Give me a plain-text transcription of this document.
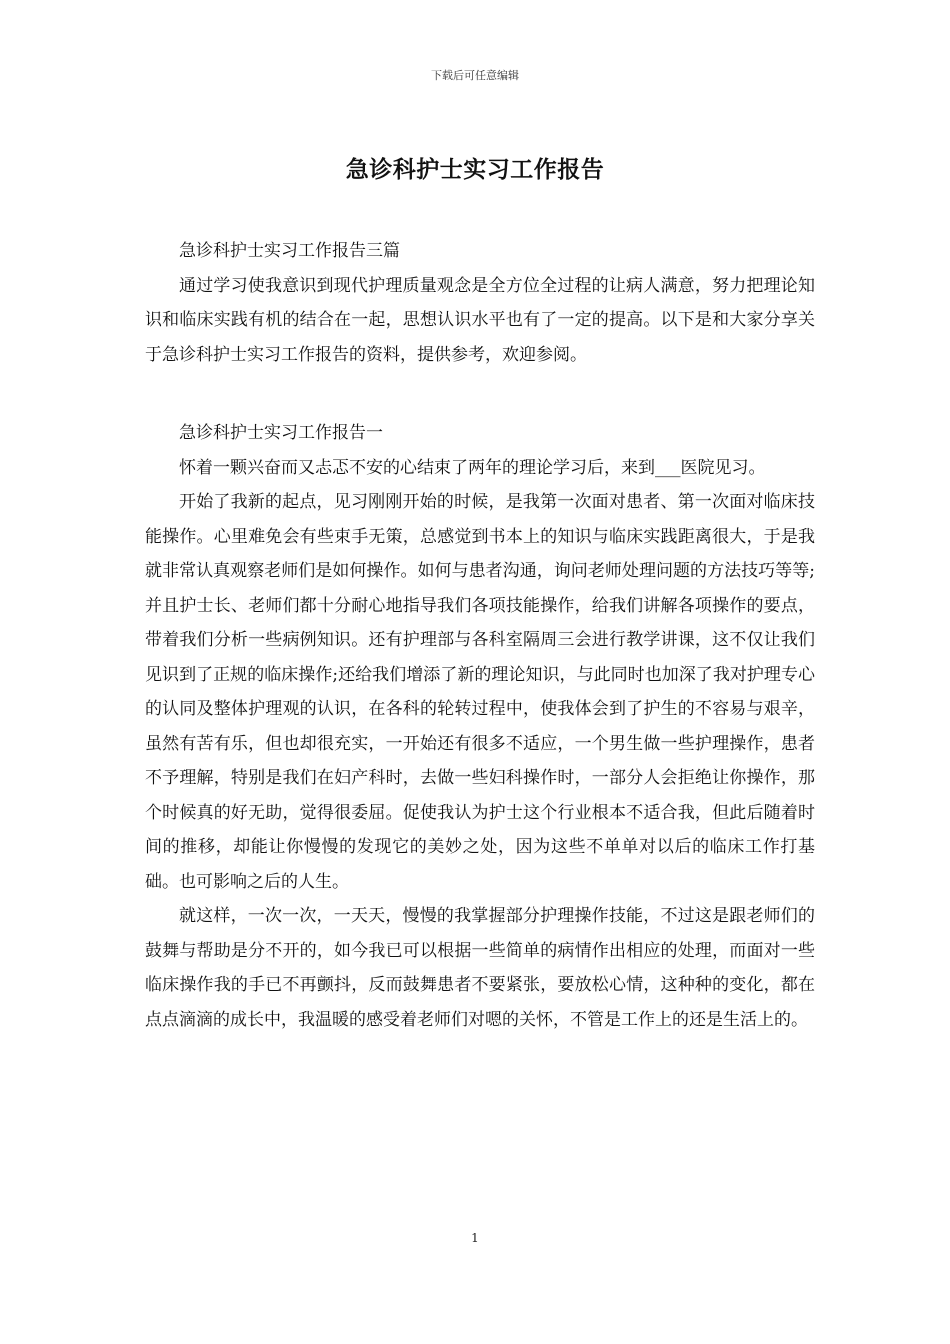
下载后可任意编辑
急诊科护士实习工作报告

急诊科护士实习工作报告三篇

通过学习使我意识到现代护理质量观念是全方位全过程的让病人满意，努力把理论知识和临床实践有机的结合在一起，思想认识水平也有了一定的提高。以下是和大家分享关于急诊科护士实习工作报告的资料，提供参考，欢迎参阅。

急诊科护士实习工作报告一

怀着一颗兴奋而又忐忑不安的心结束了两年的理论学习后，来到___医院见习。

开始了我新的起点，见习刚刚开始的时候，是我第一次面对患者、第一次面对临床技能操作。心里难免会有些束手无策，总感觉到书本上的知识与临床实践距离很大，于是我就非常认真观察老师们是如何操作。如何与患者沟通，询问老师处理问题的方法技巧等等;并且护士长、老师们都十分耐心地指导我们各项技能操作，给我们讲解各项操作的要点，带着我们分析一些病例知识。还有护理部与各科室隔周三会进行教学讲课，这不仅让我们见识到了正规的临床操作;还给我们增添了新的理论知识，与此同时也加深了我对护理专心的认同及整体护理观的认识，在各科的轮转过程中，使我体会到了护生的不容易与艰辛，虽然有苦有乐，但也却很充实，一开始还有很多不适应，一个男生做一些护理操作，患者不予理解，特别是我们在妇产科时，去做一些妇科操作时，一部分人会拒绝让你操作，那个时候真的好无助，觉得很委屈。促使我认为护士这个行业根本不适合我，但此后随着时间的推移，却能让你慢慢的发现它的美妙之处，因为这些不单单对以后的临床工作打基础。也可影响之后的人生。

就这样，一次一次，一天天，慢慢的我掌握部分护理操作技能，不过这是跟老师们的鼓舞与帮助是分不开的，如今我已可以根据一些简单的病情作出相应的处理，而面对一些临床操作我的手已不再颤抖，反而鼓舞患者不要紧张，要放松心情，这种种的变化，都在点点滴滴的成长中，我温暖的感受着老师们对嗯的关怀，不管是工作上的还是生活上的。

1
